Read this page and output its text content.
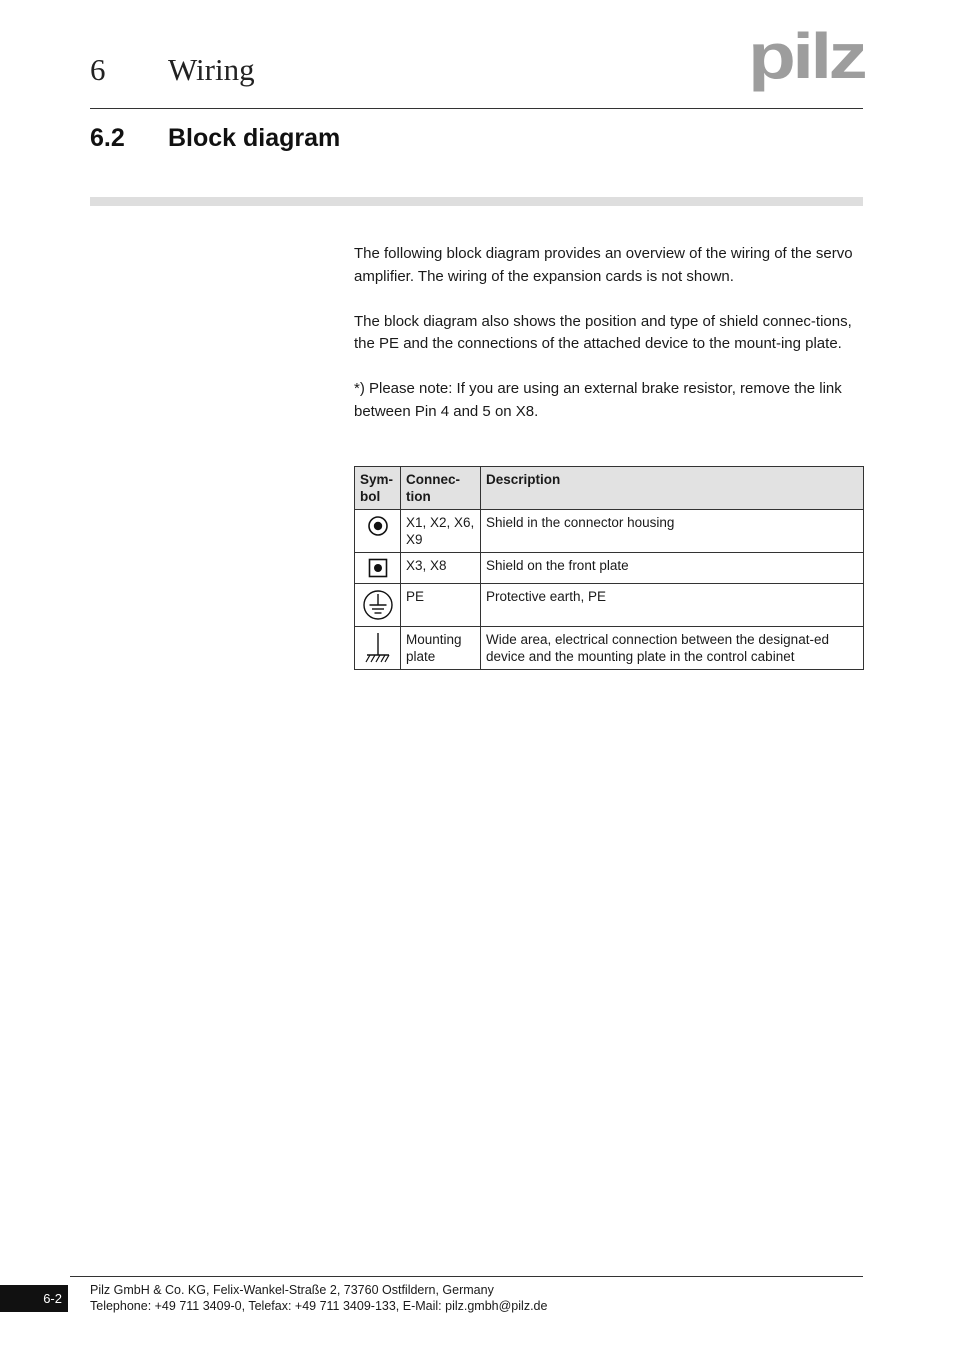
6 Wiring	pilz
6.2 Block diagram

The following block diagram provides an overview of the wiring of the servo amplifier. The wiring of the expansion cards is not shown.

The block diagram also shows the position and type of shield connec-tions, the PE and the connections of the attached device to the mount-ing plate.

*) Please note: If you are using an external brake resistor, remove the link between Pin 4 and 5 on X8.

Sym-bol	Connec-tion	Description

	X1, X2, X6, X9	Shield in the connector housing

	X3, X8	Shield on the front plate

	PE	Protective earth, PE

	Mounting plate	Wide area, electrical connection between the designat-ed device and the mounting plate in the control cabinet
6-2
Pilz GmbH & Co. KG, Felix-Wankel-Straße 2, 73760 Ostfildern, Germany
Telephone: +49 711 3409-0, Telefax: +49 711 3409-133, E-Mail: pilz.gmbh@pilz.de
